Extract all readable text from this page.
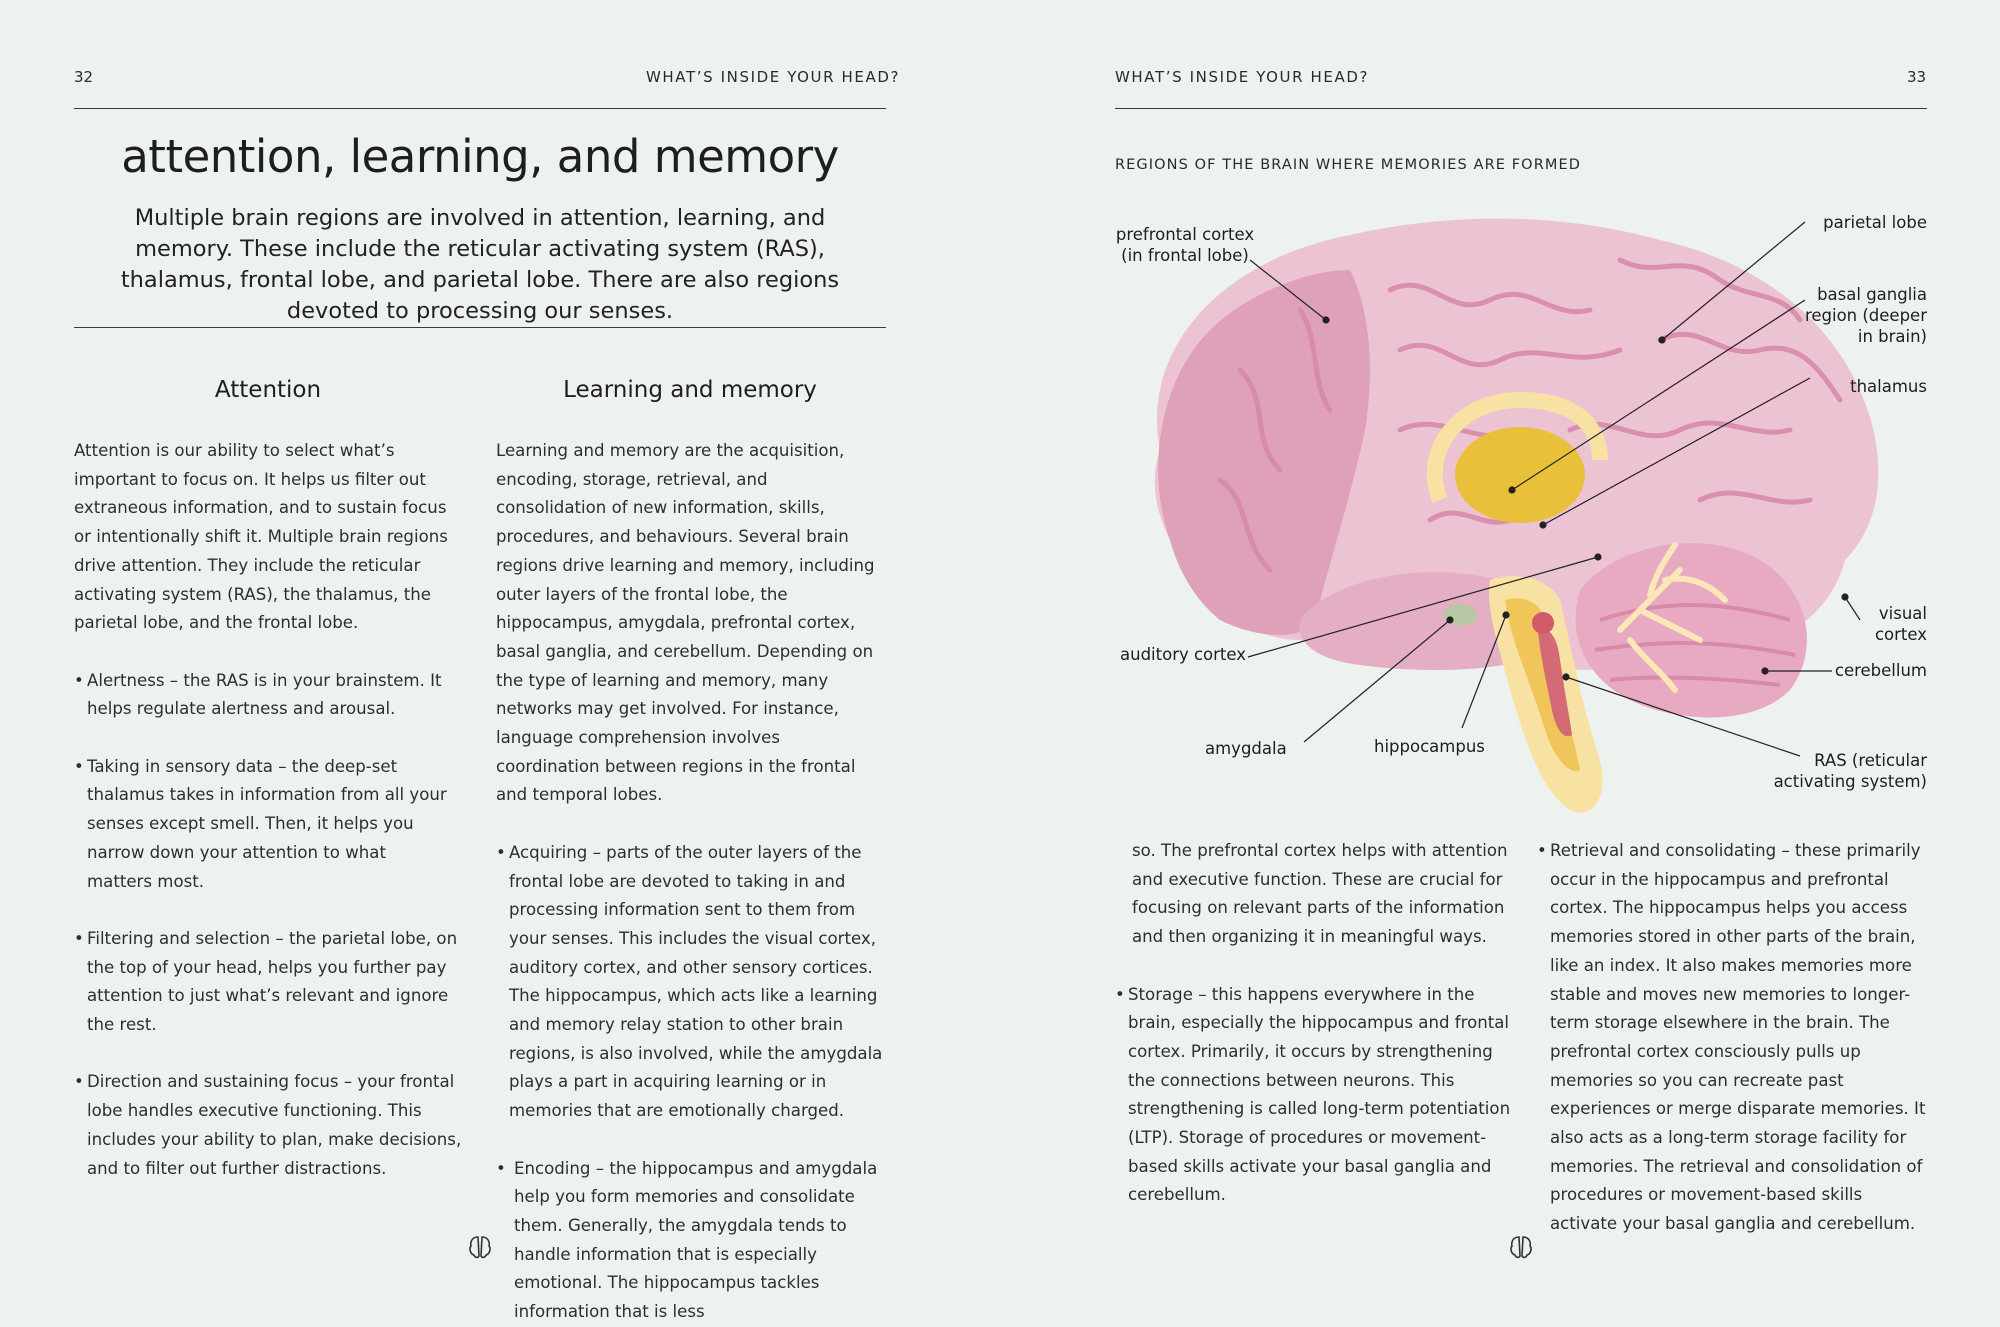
32	WHAT’S INSIDE YOUR HEAD?
attention, learning, and memory
Multiple brain regions are involved in attention, learning, and memory. These include the reticular activating system (RAS), thalamus, frontal lobe, and parietal lobe. There are also regions devoted to processing our senses.
Attention	Learning and memory

Attention is our ability to select what’s important to focus on. It helps us filter out extraneous information, and to sustain focus or intentionally shift it. Multiple brain regions drive attention. They include the reticular activating system (RAS), the thalamus, the parietal lobe, and the frontal lobe.

• Alertness – the RAS is in your brainstem. It helps regulate alertness and arousal.

• Taking in sensory data – the deep-set thalamus takes in information from all your senses except smell. Then, it helps you narrow down your attention to what matters most.

• Filtering and selection – the parietal lobe, on the top of your head, helps you further pay attention to just what’s relevant and ignore the rest.

• Direction and sustaining focus – your frontal lobe handles executive functioning. This includes your ability to plan, make decisions, and to filter out further distractions.

Learning and memory are the acquisition, encoding, storage, retrieval, and consolidation of new information, skills, procedures, and behaviours. Several brain regions drive learning and memory, including outer layers of the frontal lobe, the hippocampus, amygdala, prefrontal cortex, basal ganglia, and cerebellum. Depending on the type of learning and memory, many networks may get involved. For instance, language comprehension involves coordination between regions in the frontal and temporal lobes.

• Acquiring – parts of the outer layers of the frontal lobe are devoted to taking in and processing information sent to them from your senses. This includes the visual cortex, auditory cortex, and other sensory cortices. The hippocampus, which acts like a learning and memory relay station to other brain regions, is also involved, while the amygdala plays a part in acquiring learning or in memories that are emotionally charged.

• Encoding – the hippocampus and amygdala help you form memories and consolidate them. Generally, the amygdala tends to handle information that is especially emotional. The hippocampus tackles information that is less

WHAT’S INSIDE YOUR HEAD?	33
REGIONS OF THE BRAIN WHERE MEMORIES ARE FORMED
prefrontal cortex (in frontal lobe)
parietal lobe
basal ganglia region (deeper in brain)
thalamus
auditory cortex
visual cortex
cerebellum
amygdala	hippocampus
RAS (reticular activating system)

so. The prefrontal cortex helps with attention and executive function. These are crucial for focusing on relevant parts of the information and then organizing it in meaningful ways.

• Storage – this happens everywhere in the brain, especially the hippocampus and frontal cortex. Primarily, it occurs by strengthening the connections between neurons. This strengthening is called long-term potentiation (LTP). Storage of procedures or movement-based skills activate your basal ganglia and cerebellum.

• Retrieval and consolidating – these primarily occur in the hippocampus and prefrontal cortex. The hippocampus helps you access memories stored in other parts of the brain, like an index. It also makes memories more stable and moves new memories to longer-term storage elsewhere in the brain. The prefrontal cortex consciously pulls up memories so you can recreate past experiences or merge disparate memories. It also acts as a long-term storage facility for memories. The retrieval and consolidation of procedures or movement-based skills activate your basal ganglia and cerebellum.
